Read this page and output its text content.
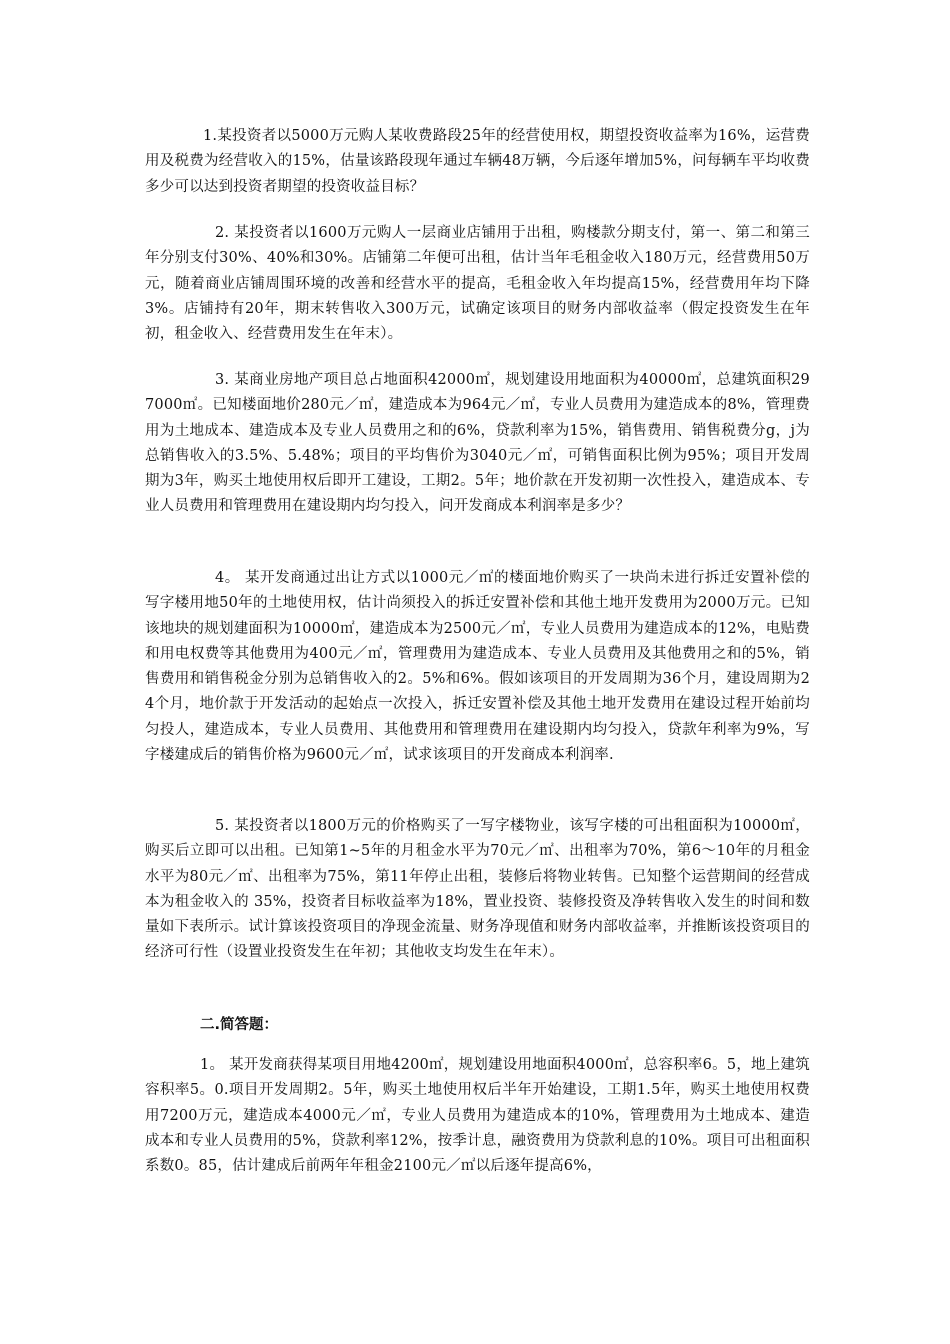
1.某投资者以5000万元购人某收费路段25年的经营使用权，期望投资收益率为16%，运营费用及税费为经营收入的15%，估量该路段现年通过车辆48万辆，今后逐年增加5%，问每辆车平均收费多少可以达到投资者期望的投资收益目标？
2. 某投资者以1600万元购人一层商业店铺用于出租，购楼款分期支付，第一、第二和第三年分别支付30%、40%和30%。店铺第二年便可出租，估计当年毛租金收入180万元，经营费用50万元，随着商业店铺周围环境的改善和经营水平的提高，毛租金收入年均提高15%，经营费用年均下降3%。店铺持有20年，期末转售收入300万元，试确定该项目的财务内部收益率（假定投资发生在年初，租金收入、经营费用发生在年末）。
3. 某商业房地产项目总占地面积42000㎡，规划建设用地面积为40000㎡，总建筑面积297000㎡。已知楼面地价280元／㎡，建造成本为964元／㎡，专业人员费用为建造成本的8%，管理费用为土地成本、建造成本及专业人员费用之和的6%，贷款利率为15%，销售费用、销售税费分g，j为总销售收入的3.5%、5.48%；项目的平均售价为3040元／㎡，可销售面积比例为95%；项目开发周期为3年，购买土地使用权后即开工建设，工期2。5年；地价款在开发初期一次性投入，建造成本、专业人员费用和管理费用在建设期内均匀投入，问开发商成本利润率是多少？
4。 某开发商通过出让方式以1000元／㎡的楼面地价购买了一块尚未进行拆迁安置补偿的写字楼用地50年的土地使用权，估计尚须投入的拆迁安置补偿和其他土地开发费用为2000万元。已知该地块的规划建面积为10000㎡，建造成本为2500元／㎡，专业人员费用为建造成本的12%，电贴费和用电权费等其他费用为400元／㎡，管理费用为建造成本、专业人员费用及其他费用之和的5%，销售费用和销售税金分别为总销售收入的2。5%和6%。假如该项目的开发周期为36个月，建设周期为24个月，地价款于开发活动的起始点一次投入，拆迁安置补偿及其他土地开发费用在建设过程开始前均匀投人，建造成本，专业人员费用、其他费用和管理费用在建设期内均匀投入，贷款年利率为9%，写字楼建成后的销售价格为9600元／㎡，试求该项目的开发商成本利润率.
5. 某投资者以1800万元的价格购买了一写字楼物业，该写字楼的可出租面积为10000㎡，购买后立即可以出租。已知第1~5年的月租金水平为70元／㎡、出租率为70%，第6～10年的月租金水平为80元／㎡、出租率为75%，第11年停止出租，装修后将物业转售。已知整个运营期间的经营成本为租金收入的 35%，投资者目标收益率为18%，置业投资、装修投资及净转售收入发生的时间和数量如下表所示。试计算该投资项目的净现金流量、财务净现值和财务内部收益率，并推断该投资项目的经济可行性（设置业投资发生在年初；其他收支均发生在年末）。
二.简答题：
1。 某开发商获得某项目用地4200㎡，规划建设用地面积4000㎡，总容积率6。5，地上建筑容积率5。0.项目开发周期2。5年，购买土地使用权后半年开始建设，工期1.5年，购买土地使用权费用7200万元，建造成本4000元／㎡，专业人员费用为建造成本的10%，管理费用为土地成本、建造成本和专业人员费用的5%，贷款利率12%，按季计息，融资费用为贷款利息的10%。项目可出租面积系数0。85，估计建成后前两年年租金2100元／㎡以后逐年提高6%，
